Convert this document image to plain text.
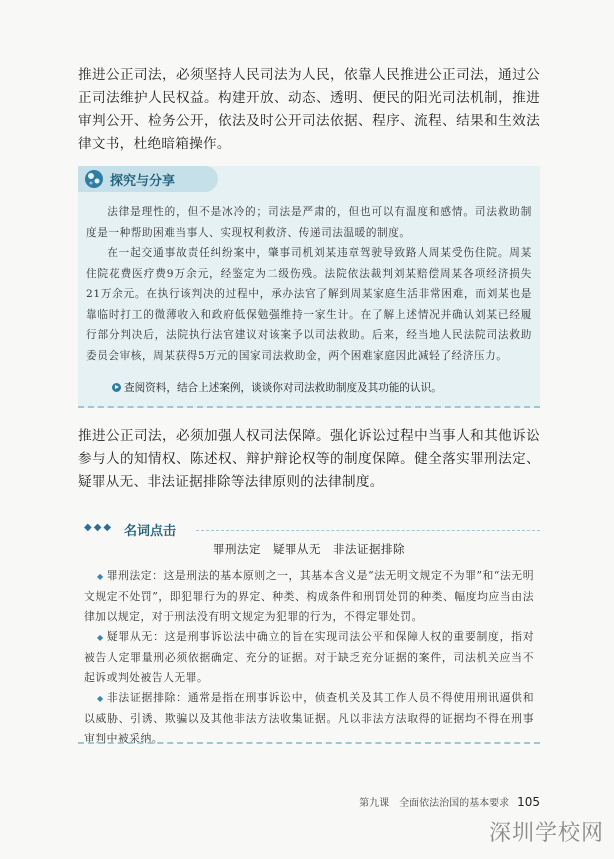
推进公正司法，必须坚持人民司法为人民，依靠人民推进公正司法，通过公正司法维护人民权益。构建开放、动态、透明、便民的阳光司法机制，推进审判公开、检务公开，依法及时公开司法依据、程序、流程、结果和生效法律文书，杜绝暗箱操作。

探究与分享

法律是理性的，但不是冰冷的；司法是严肃的，但也可以有温度和感情。司法救助制度是一种帮助困难当事人、实现权利救济、传递司法温暖的制度。

在一起交通事故责任纠纷案中，肇事司机刘某违章驾驶导致路人周某受伤住院。周某住院花费医疗费9万余元，经鉴定为二级伤残。法院依法裁判刘某赔偿周某各项经济损失21万余元。在执行该判决的过程中，承办法官了解到周某家庭生活非常困难，而刘某也是靠临时打工的微薄收入和政府低保勉强维持一家生计。在了解上述情况并确认刘某已经履行部分判决后，法院执行法官建议对该案予以司法救助。后来，经当地人民法院司法救助委员会审核，周某获得5万元的国家司法救助金，两个困难家庭因此减轻了经济压力。

查阅资料，结合上述案例，谈谈你对司法救助制度及其功能的认识。

推进公正司法，必须加强人权司法保障。强化诉讼过程中当事人和其他诉讼参与人的知情权、陈述权、辩护辩论权等的制度保障。健全落实罪刑法定、疑罪从无、非法证据排除等法律原则的法律制度。

◆◆◆ 名词点击
罪刑法定　疑罪从无　非法证据排除

◆ 罪刑法定：这是刑法的基本原则之一，其基本含义是“法无明文规定不为罪”和“法无明文规定不处罚”，即犯罪行为的界定、种类、构成条件和刑罚处罚的种类、幅度均应当由法律加以规定，对于刑法没有明文规定为犯罪的行为，不得定罪处罚。

◆ 疑罪从无：这是刑事诉讼法中确立的旨在实现司法公平和保障人权的重要制度，指对被告人定罪量刑必须依据确定、充分的证据。对于缺乏充分证据的案件，司法机关应当不起诉或判处被告人无罪。

◆ 非法证据排除：通常是指在刑事诉讼中，侦查机关及其工作人员不得使用刑讯逼供和以威胁、引诱、欺骗以及其他非法方法收集证据。凡以非法方法取得的证据均不得在刑事审判中被采纳。

第九课　全面依法治国的基本要求 105
深圳学校网
